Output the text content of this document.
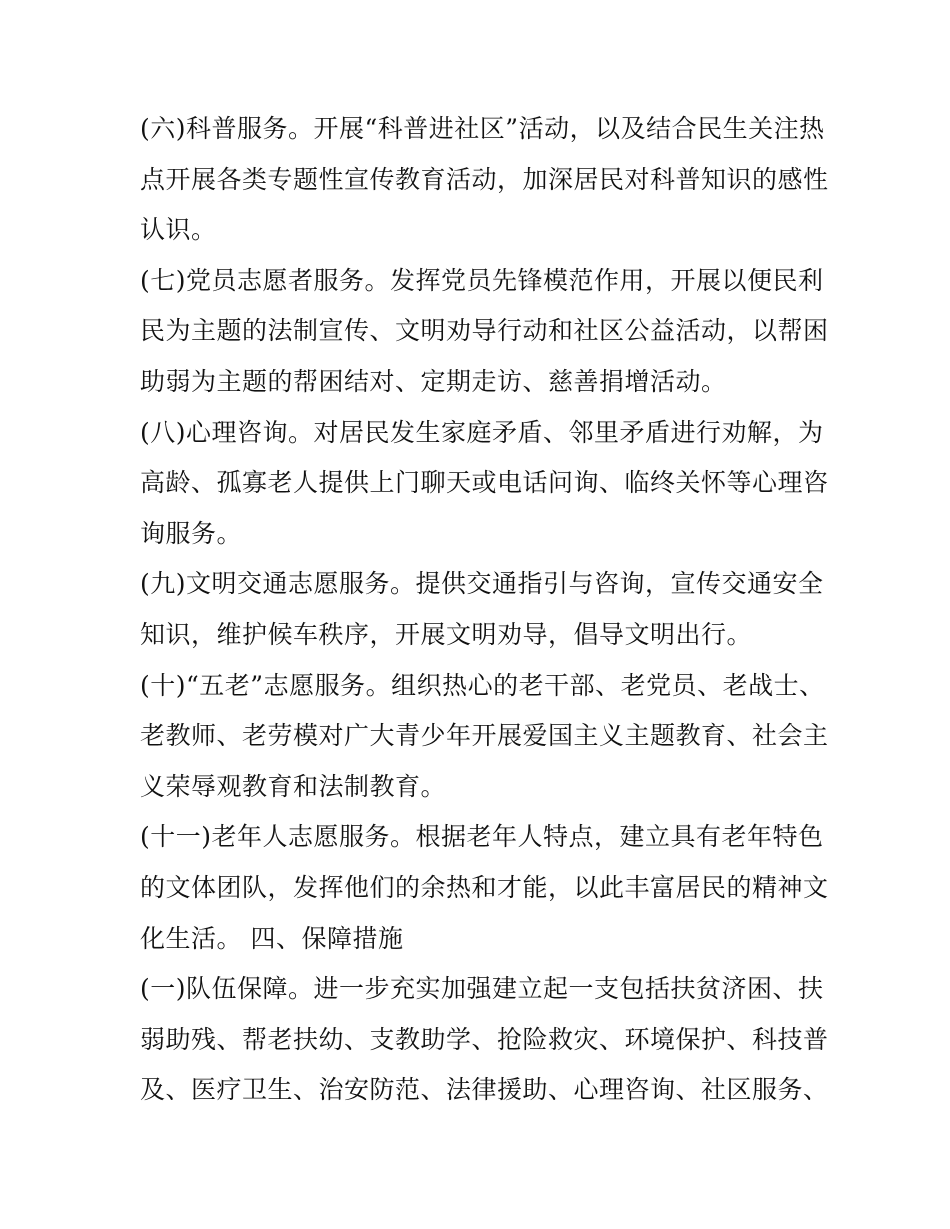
(六)科普服务。开展“科普进社区”活动，以及结合民生关注热
点开展各类专题性宣传教育活动，加深居民对科普知识的感性
认识。
(七)党员志愿者服务。发挥党员先锋模范作用，开展以便民利
民为主题的法制宣传、文明劝导行动和社区公益活动，以帮困
助弱为主题的帮困结对、定期走访、慈善捐增活动。
(八)心理咨询。对居民发生家庭矛盾、邻里矛盾进行劝解，为
高龄、孤寡老人提供上门聊天或电话问询、临终关怀等心理咨
询服务。
(九)文明交通志愿服务。提供交通指引与咨询，宣传交通安全
知识，维护候车秩序，开展文明劝导，倡导文明出行。
(十)“五老”志愿服务。组织热心的老干部、老党员、老战士、
老教师、老劳模对广大青少年开展爱国主义主题教育、社会主
义荣辱观教育和法制教育。
(十一)老年人志愿服务。根据老年人特点，建立具有老年特色
的文体团队，发挥他们的余热和才能，以此丰富居民的精神文
化生活。 四、保障措施
(一)队伍保障。进一步充实加强建立起一支包括扶贫济困、扶
弱助残、帮老扶幼、支教助学、抢险救灾、环境保护、科技普
及、医疗卫生、治安防范、法律援助、心理咨询、社区服务、
